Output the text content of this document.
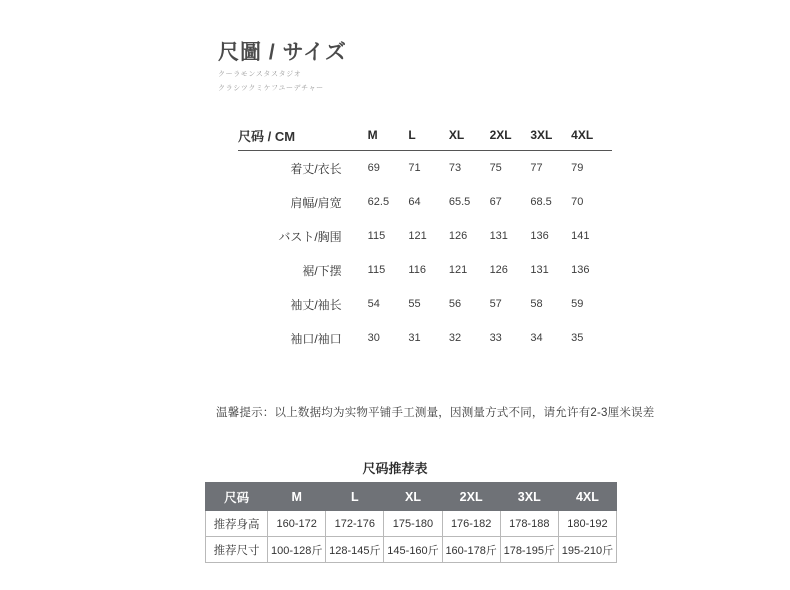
尺圖 / サイズ
クーラモンスタスタジオ
クラシツクミケフユーデチャー
尺码 / CM	M	L	XL	2XL	3XL	4XL
着丈/衣长	69	71	73	75	77	79
肩幅/肩宽	62.5	64	65.5	67	68.5	70
バスト/胸围	115	121	126	131	136	141
裾/下摆	115	116	121	126	131	136
袖丈/袖长	54	55	56	57	58	59
袖口/袖口	30	31	32	33	34	35
温馨提示：以上数据均为实物平铺手工测量，因测量方式不同，请允许有2-3厘米误差
尺码推荐表
尺码	M	L	XL	2XL	3XL	4XL
推荐身高	160-172	172-176	175-180	176-182	178-188	180-192
推荐尺寸	100-128斤	128-145斤	145-160斤	160-178斤	178-195斤	195-210斤
